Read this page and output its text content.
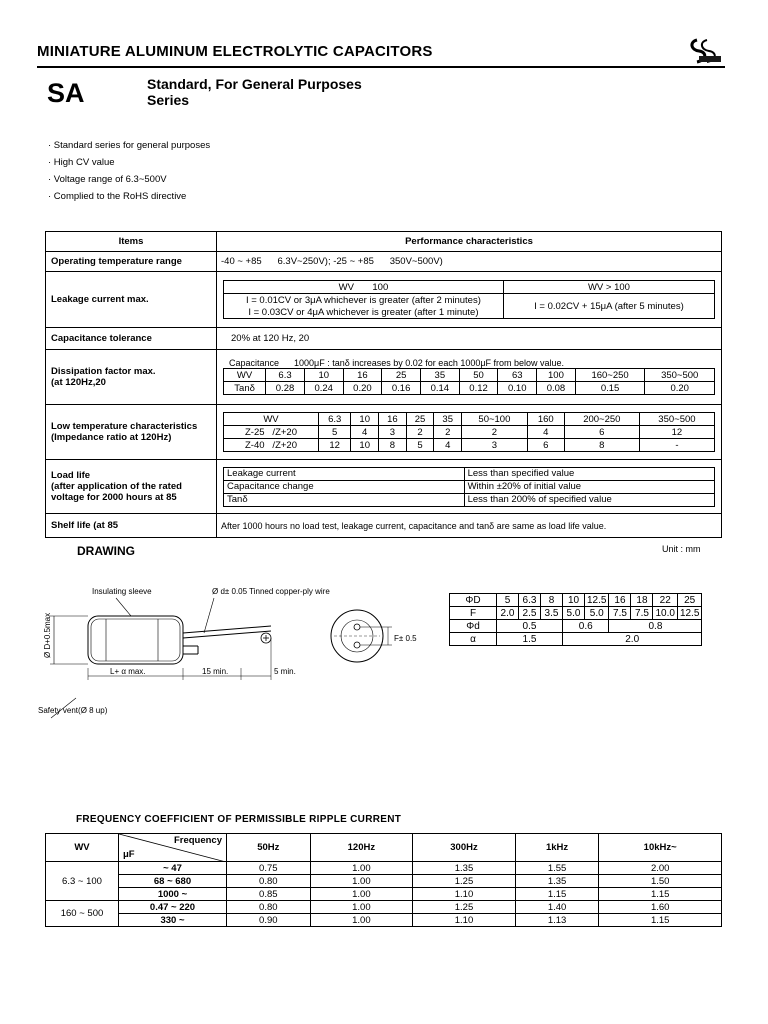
MINIATURE ALUMINUM ELECTROLYTIC CAPACITORS
SA	Standard, For General Purposes
Series
· Standard series for general purposes
· High CV value
· Voltage range of 6.3~500V
· Complied to the RoHS directive
Items	Performance characteristics
Operating temperature range	-40 ~ +85      6.3V~250V); -25 ~ +85      350V~500V)
Leakage current max.	
WV       100	WV > 100
I = 0.01CV or 3μA whichever is greater (after 2 minutes)	I = 0.02CV + 15μA (after 5 minutes)
I = 0.03CV or 4μA whichever is greater (after 1 minute)

Capacitance tolerance	20% at 120 Hz, 20

Dissipation factor max.
(at 120Hz,20

Capacitance      1000μF : tanδ increases by 0.02 for each 1000μF from below value.
WV	6.3	10	16	25	35	50	63	100	160~250	350~500
Tanδ	0.28	0.24	0.20	0.16	0.14	0.12	0.10	0.08	0.15	0.20

Low temperature characteristics
(Impedance ratio at 120Hz)

WV	6.3	10	16	25	35	50~100	160	200~250	350~500
Z-25   /Z+20	5	4	3	2	2	2	4	6	12
Z-40   /Z+20	12	10	8	5	4	3	6	8	-

Load life
(after application of the rated
voltage for 2000 hours at 85

Leakage current	Less than specified value
Capacitance change	Within ±20% of initial value
Tanδ	Less than 200% of specified value

Shelf life (at 85	After 1000 hours no load test, leakage current, capacitance and tanδ are same as load life value.
DRAWING	Unit : mm
Insulating sleeve	Ø d± 0.05 Tinned copper-ply wire
Ø D+0.5max
L+ α max.	15 min.	5 min.
Safety vent(Ø 8 up)
F± 0.5
ΦD	5	6.3	8	10	12.5	16	18	22	25
F	2.0	2.5	3.5	5.0	5.0	7.5	7.5	10.0	12.5
Φd	0.5			0.6		0.8			
α	1.5			2.0					
FREQUENCY COEFFICIENT OF PERMISSIBLE RIPPLE CURRENT
WV	Frequency
μF	50Hz	120Hz	300Hz	1kHz	10kHz~
6.3 ~ 100	~ 47	0.75	1.00	1.35	1.55	2.00
	68 ~ 680	0.80	1.00	1.25	1.35	1.50
	1000 ~	0.85	1.00	1.10	1.15	1.15
160 ~ 500	0.47 ~ 220	0.80	1.00	1.25	1.40	1.60
	330 ~	0.90	1.00	1.10	1.13	1.15
